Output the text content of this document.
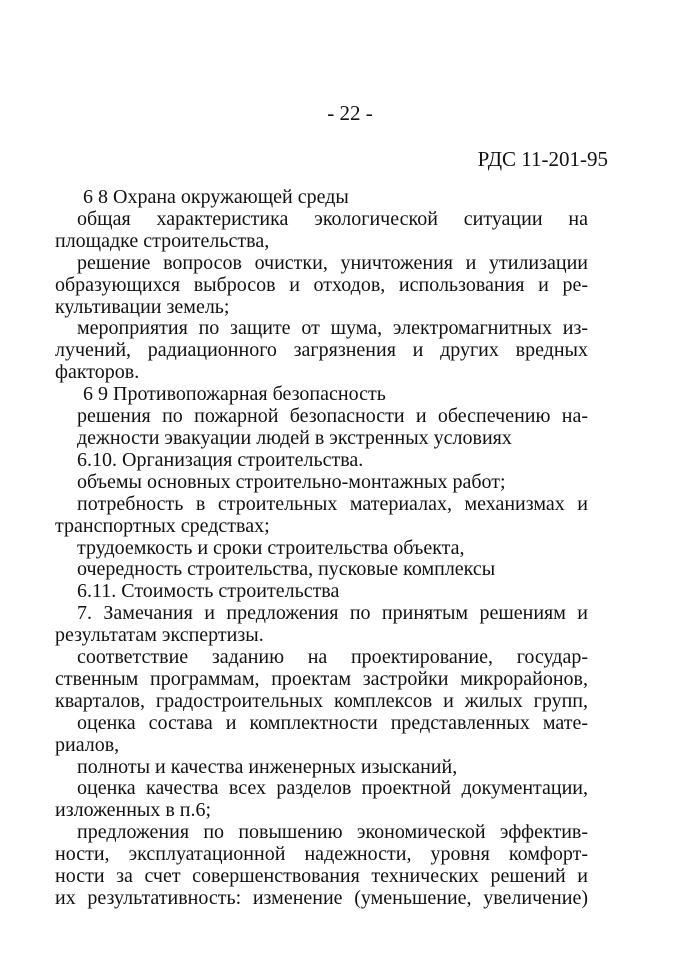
- 22 -
РДС 11-201-95
6 8 Охрана окружающей среды
общая характеристика экологической ситуации на
площадке строительства,
решение вопросов очистки, уничтожения и утилизации
образующихся выбросов и отходов, использования и ре-
культивации земель;
мероприятия по защите от шума, электромагнитных из-
лучений, радиационного загрязнения и других вредных
факторов.
6 9 Противопожарная безопасность
решения по пожарной безопасности и обеспечению на-
дежности эвакуации людей в экстренных условиях
6.10. Организация строительства.
объемы основных строительно-монтажных работ;
потребность в строительных материалах, механизмах и
транспортных средствах;
трудоемкость и сроки строительства объекта,
очередность строительства, пусковые комплексы
6.11. Стоимость строительства
7. Замечания и предложения по принятым решениям и
результатам экспертизы.
соответствие заданию на проектирование, государ-
ственным программам, проектам застройки микрорайонов,
кварталов, градостроительных комплексов и жилых групп,
оценка состава и комплектности представленных мате-
риалов,
полноты и качества инженерных изысканий,
оценка качества всех разделов проектной документации,
изложенных в п.6;
предложения по повышению экономической эффектив-
ности, эксплуатационной надежности, уровня комфорт-
ности за счет совершенствования технических решений и
их результативность: изменение (уменьшение, увеличение)
